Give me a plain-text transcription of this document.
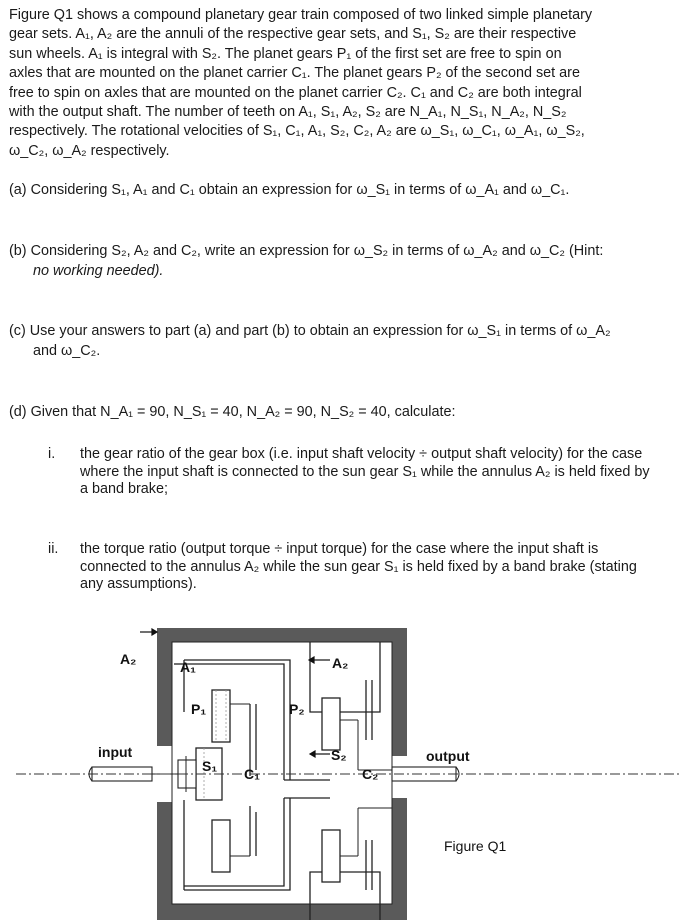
Figure Q1 shows a compound planetary gear train composed of two linked simple planetary
gear sets. A₁, A₂ are the annuli of the respective gear sets, and S₁, S₂ are their respective
sun wheels. A₁ is integral with S₂. The planet gears P₁ of the first set are free to spin on
axles that are mounted on the planet carrier C₁. The planet gears P₂ of the second set are
free to spin on axles that are mounted on the planet carrier C₂. C₁ and C₂ are both integral
with the output shaft. The number of teeth on A₁, S₁, A₂, S₂ are N_A₁, N_S₁, N_A₂, N_S₂
respectively. The rotational velocities of S₁, C₁, A₁, S₂, C₂, A₂ are ω_S₁, ω_C₁, ω_A₁, ω_S₂,
ω_C₂, ω_A₂ respectively.
(a) Considering S₁, A₁ and C₁ obtain an expression for ω_S₁ in terms of ω_A₁ and ω_C₁.
(b) Considering S₂, A₂ and C₂, write an expression for ω_S₂ in terms of ω_A₂ and ω_C₂ (Hint:
no working needed).
(c) Use your answers to part (a) and part (b) to obtain an expression for ω_S₁ in terms of ω_A₂
and ω_C₂.
(d) Given that N_A₁ = 90, N_S₁ = 40, N_A₂ = 90, N_S₂ = 40, calculate:
i. the gear ratio of the gear box (i.e. input shaft velocity ÷ output shaft velocity) for the case where the input shaft is connected to the sun gear S₁ while the annulus A₂ is held fixed by a band brake;
ii. the torque ratio (output torque ÷ input torque) for the case where the input shaft is connected to the annulus A₂ while the sun gear S₁ is held fixed by a band brake (stating any assumptions).
A₂	A₁	A₂
P₁	P₂
S₁
S₂
C₁	C₂
input	output
Figure Q1
